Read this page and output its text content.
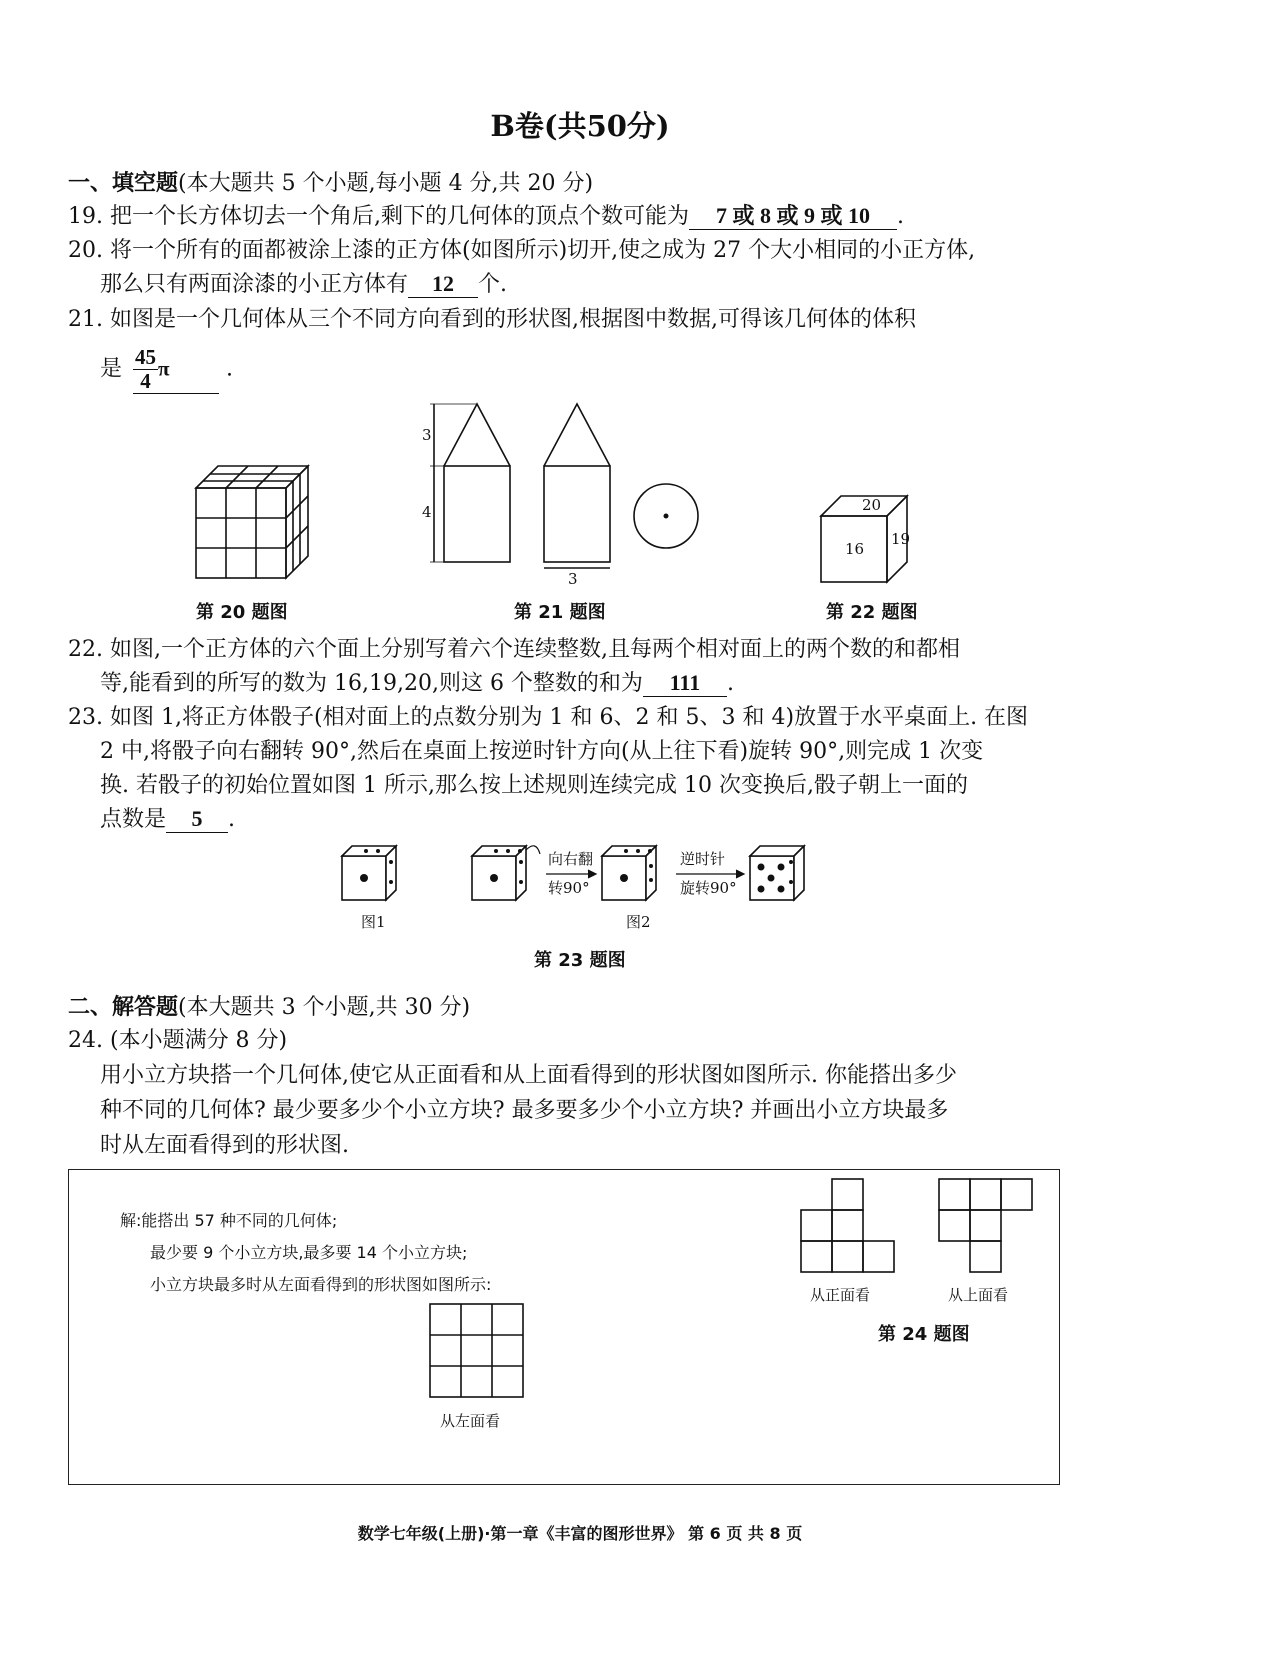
B卷(共50分)
一、填空题(本大题共 5 个小题,每小题 4 分,共 20 分)
19. 把一个长方体切去一个角后,剩下的几何体的顶点个数可能为 7 或 8 或 9 或 10 .
20. 将一个所有的面都被涂上漆的正方体(如图所示)切开,使之成为 27 个大小相同的小正方体,
那么只有两面涂漆的小正方体有 12 个.
21. 如图是一个几何体从三个不同方向看到的形状图,根据图中数据,可得该几何体的体积
是 $\frac{45}{4}$ π	.
第 20 题图
3
4
3
第 21 题图
20
16
19
第 22 题图
22. 如图,一个正方体的六个面上分别写着六个连续整数,且每两个相对面上的两个数的和都相
等,能看到的所写的数为 16,19,20,则这 6 个整数的和为 111 .
23. 如图 1,将正方体骰子(相对面上的点数分别为 1 和 6、2 和 5、3 和 4)放置于水平桌面上. 在图
2 中,将骰子向右翻转 90°,然后在桌面上按逆时针方向(从上往下看)旋转 90°,则完成 1 次变
换. 若骰子的初始位置如图 1 所示,那么按上述规则连续完成 10 次变换后,骰子朝上一面的
点数是 5 .
向右翻
转90°
逆时针
旋转90°
图1	图2
第 23 题图
二、解答题(本大题共 3 个小题,共 30 分)
24. (本小题满分 8 分)
用小立方块搭一个几何体,使它从正面看和从上面看得到的形状图如图所示. 你能搭出多少
种不同的几何体? 最少要多少个小立方块? 最多要多少个小立方块? 并画出小立方块最多
时从左面看得到的形状图.
解:能搭出 57 种不同的几何体;
最少要 9 个小立方块,最多要 14 个小立方块;
小立方块最多时从左面看得到的形状图如图所示:
从左面看
从正面看	从上面看
第 24 题图
数学七年级(上册)·第一章《丰富的图形世界》 第 6 页 共 8 页
